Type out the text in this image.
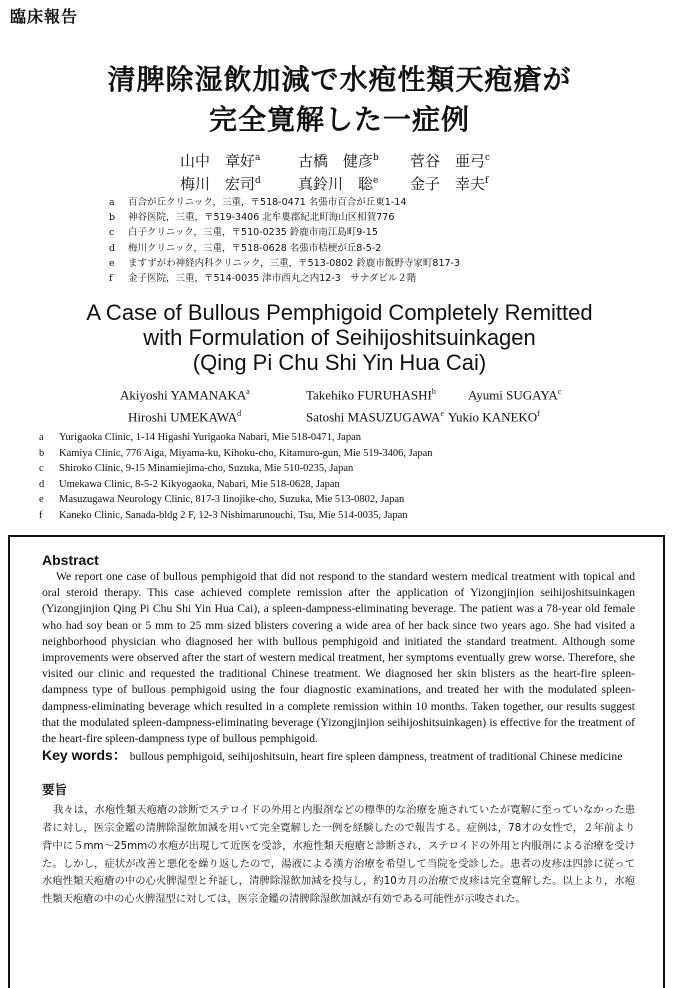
臨床報告
清脾除湿飲加減で水疱性類天疱瘡が
完全寛解した一症例
山中　章好$^a$	古橋　健彦$^b$	菅谷　亜弓$^c$
梅川　宏司$^d$	真鈴川　聡$^e$	金子　幸夫$^f$
a	百合が丘クリニック，三重，〒518-0471 名張市百合が丘東1-14
b	神谷医院，三重，〒519-3406 北牟婁郡紀北町海山区相賀776
c	白子クリニック，三重，〒510-0235 鈴鹿市南江島町9-15
d	梅川クリニック，三重，〒518-0628 名張市桔梗が丘8-5-2
e	ますずがわ神経内科クリニック，三重，〒513-0802 鈴鹿市飯野寺家町817-3
f	金子医院，三重，〒514-0035 津市西丸之内12-3　サナダビル２階
A Case of Bullous Pemphigoid Completely Remitted
with Formulation of Seihijoshitsuinkagen
(Qing Pi Chu Shi Yin Hua Cai)
Akiyoshi YAMANAKA$^a$	Takehiko FURUHASHI$^b$	Ayumi SUGAYA$^c$
Hiroshi UMEKAWA$^d$	Satoshi MASUZUGAWA$^e$ Yukio KANEKO$^f$
a	Yurigaoka Clinic, 1-14 Higashi Yurigaoka Nabari, Mie 518-0471, Japan
b	Kamiya Clinic, 776 Aiga, Miyama-ku, Kihoku-cho, Kitamuro-gun, Mie 519-3406, Japan
c	Shiroko Clinic, 9-15 Minamiejima-cho, Suzuka, Mie 510-0235, Japan
d	Umekawa Clinic, 8-5-2 Kikyogaoka, Nabari, Mie 518-0628, Japan
e	Masuzugawa Neurology Clinic, 817-3 Iinojike-cho, Suzuka, Mie 513-0802, Japan
f	Kaneko Clinic, Sanada-bldg 2 F, 12-3 Nishimarunouchi, Tsu, Mie 514-0035, Japan
Abstract

We report one case of bullous pemphigoid that did not respond to the standard western medical treatment with topical and oral steroid therapy. This case achieved complete remission after the application of Yizongjinjion seihijoshitsuinkagen (Yizongjinjion Qing Pi Chu Shi Yin Hua Cai), a spleen-dampness-eliminating beverage. The patient was a 78-year old female who had soy bean or 5 mm to 25 mm sized blisters covering a wide area of her back since two years ago. She had visited a neighborhood physician who diagnosed her with bullous pemphigoid and initiated the standard treatment. Although some improvements were observed after the start of western medical treatment, her symptoms eventually grew worse. Therefore, she visited our clinic and requested the traditional Chinese treatment. We diagnosed her skin blisters as the heart-fire spleen-dampness type of bullous pemphigoid using the four diagnostic examinations, and treated her with the modulated spleen-dampness-eliminating beverage which resulted in a complete remission within 10 months. Taken together, our results suggest that the modulated spleen-dampness-eliminating beverage (Yizongjinjion seihijoshitsuinkagen) is effective for the treatment of the heart-fire spleen-dampness type of bullous pemphigoid.

Key words： bullous pemphigoid, seihijoshitsuin, heart fire spleen dampness, treatment of traditional Chinese medicine

要旨

我々は，水疱性類天疱瘡の診断でステロイドの外用と内服剤などの標準的な治療を施されていたが寛解に至っていなかった患者に対し，医宗金鑑の清脾除湿飲加減を用いて完全寛解した一例を経験したので報告する。症例は，78才の女性で，２年前より背中に５mm〜25mmの水疱が出現して近医を受診，水疱性類天疱瘡と診断され，ステロイドの外用と内服剤による治療を受けた。しかし，症状が改善と悪化を繰り返したので，湯液による漢方治療を希望して当院を受診した。患者の皮疹は四診に従って水疱性類天疱瘡の中の心火脾湿型と弁証し，清脾除湿飲加減を投与し，約10カ月の治療で皮疹は完全寛解した。以上より，水疱性類天疱瘡の中の心火脾湿型に対しては，医宗金鑑の清脾除湿飲加減が有効である可能性が示唆された。
